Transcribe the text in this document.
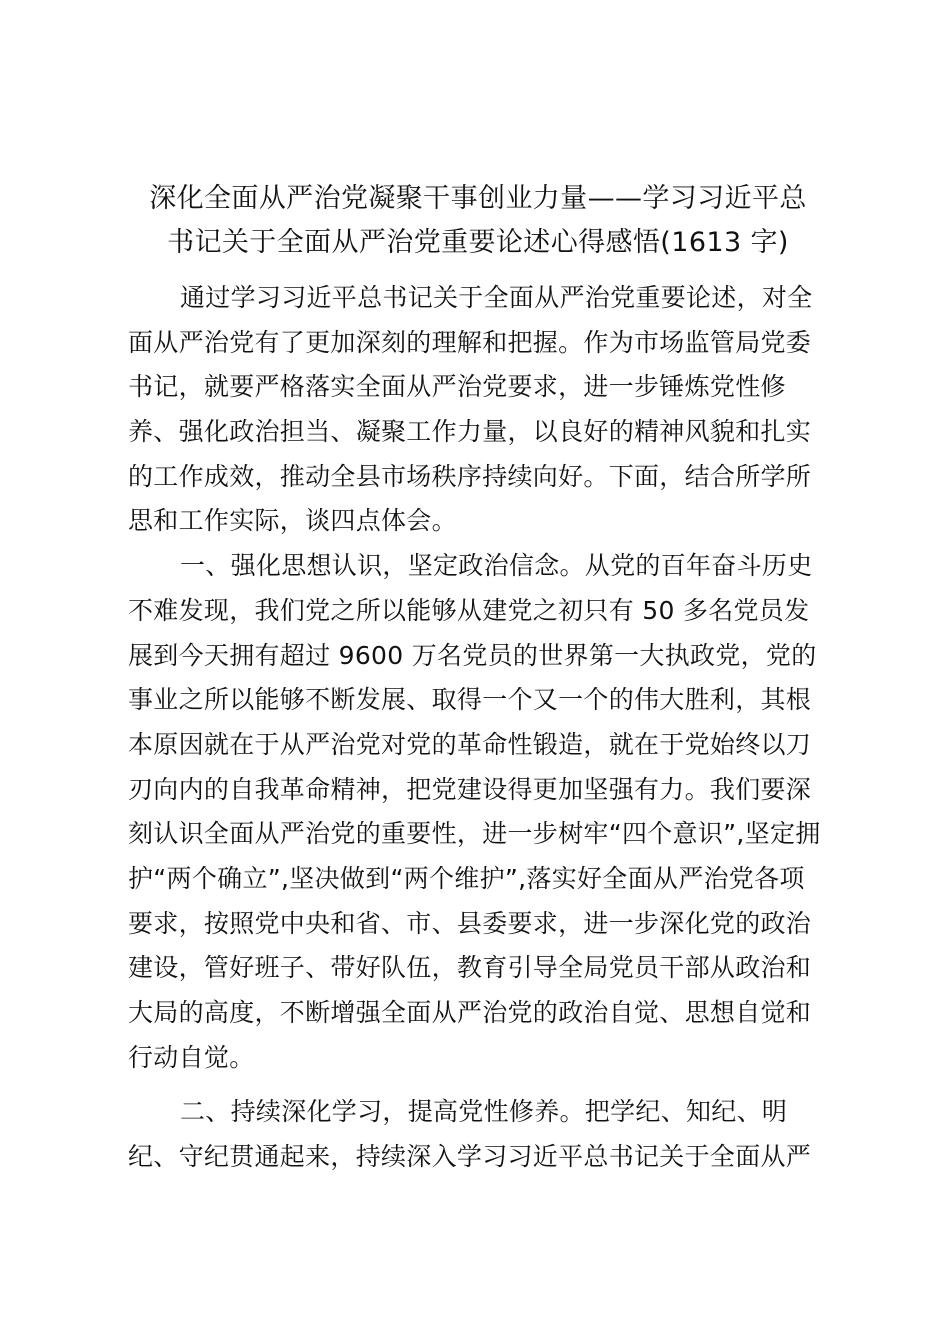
深化全面从严治党凝聚干事创业力量——学习习近平总
书记关于全面从严治党重要论述心得感悟(1613 字)
通过学习习近平总书记关于全面从严治党重要论述，对全
面从严治党有了更加深刻的理解和把握。作为市场监管局党委
书记，就要严格落实全面从严治党要求，进一步锤炼党性修
养、强化政治担当、凝聚工作力量，以良好的精神风貌和扎实
的工作成效，推动全县市场秩序持续向好。下面，结合所学所
思和工作实际，谈四点体会。
一、强化思想认识，坚定政治信念。从党的百年奋斗历史
不难发现，我们党之所以能够从建党之初只有 50 多名党员发
展到今天拥有超过 9600 万名党员的世界第一大执政党，党的
事业之所以能够不断发展、取得一个又一个的伟大胜利，其根
本原因就在于从严治党对党的革命性锻造，就在于党始终以刀
刃向内的自我革命精神，把党建设得更加坚强有力。我们要深
刻认识全面从严治党的重要性，进一步树牢“四个意识”,坚定拥
护“两个确立”,坚决做到“两个维护”,落实好全面从严治党各项
要求，按照党中央和省、市、县委要求，进一步深化党的政治
建设，管好班子、带好队伍，教育引导全局党员干部从政治和
大局的高度，不断增强全面从严治党的政治自觉、思想自觉和
行动自觉。
二、持续深化学习，提高党性修养。把学纪、知纪、明
纪、守纪贯通起来，持续深入学习习近平总书记关于全面从严
